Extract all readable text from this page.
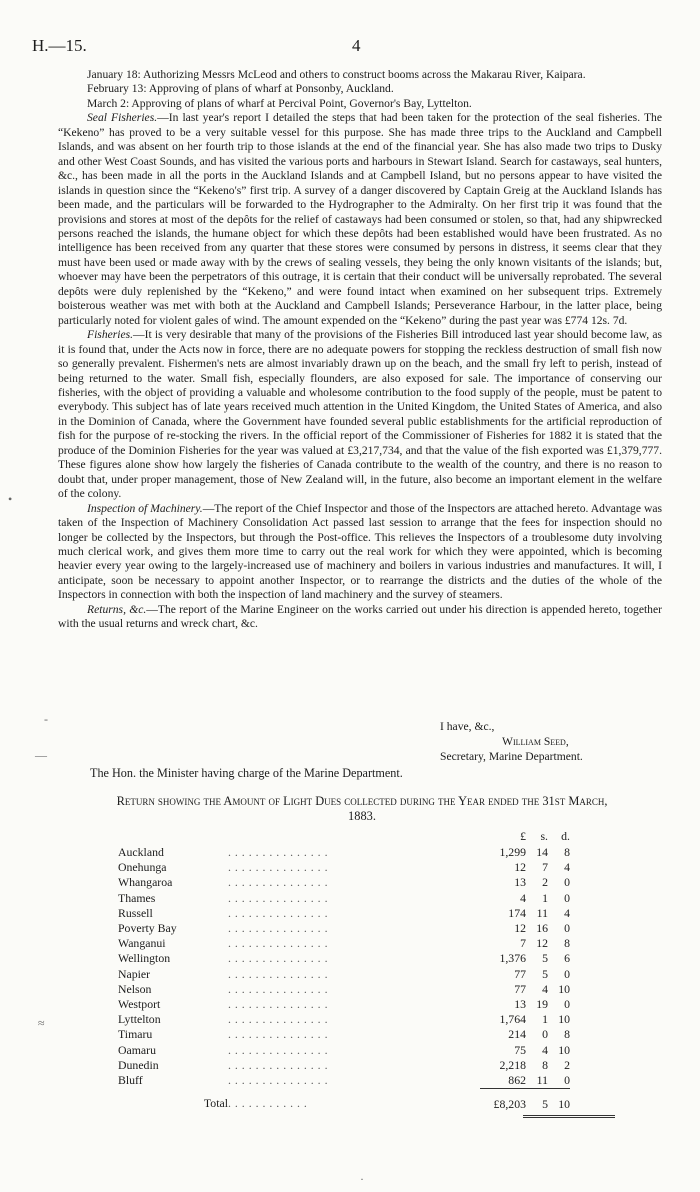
H.—15.	4

January 18: Authorizing Messrs McLeod and others to construct booms across the Makarau River, Kaipara.

February 13: Approving of plans of wharf at Ponsonby, Auckland.

March 2: Approving of plans of wharf at Percival Point, Governor's Bay, Lyttelton.

Seal Fisheries.—In last year's report I detailed the steps that had been taken for the protection of the seal fisheries. The “Kekeno” has proved to be a very suitable vessel for this purpose. She has made three trips to the Auckland and Campbell Islands, and was absent on her fourth trip to those islands at the end of the financial year. She has also made two trips to Dusky and other West Coast Sounds, and has visited the various ports and harbours in Stewart Island. Search for castaways, seal hunters, &c., has been made in all the ports in the Auckland Islands and at Campbell Island, but no persons appear to have visited the islands in question since the “Kekeno's” first trip. A survey of a danger discovered by Captain Greig at the Auckland Islands has been made, and the particulars will be forwarded to the Hydrographer to the Admiralty. On her first trip it was found that the provisions and stores at most of the depôts for the relief of castaways had been consumed or stolen, so that, had any shipwrecked persons reached the islands, the humane object for which these depôts had been established would have been frustrated. As no intelligence has been received from any quarter that these stores were consumed by persons in distress, it seems clear that they must have been used or made away with by the crews of sealing vessels, they being the only known visitants of the islands; but, whoever may have been the perpetrators of this outrage, it is certain that their conduct will be universally reprobated. The several depôts were duly replenished by the “Kekeno,” and were found intact when examined on her subsequent trips. Extremely boisterous weather was met with both at the Auckland and Campbell Islands; Perseverance Harbour, in the latter place, being particularly noted for violent gales of wind. The amount expended on the “Kekeno” during the past year was £774 12s. 7d.

Fisheries.—It is very desirable that many of the provisions of the Fisheries Bill introduced last year should become law, as it is found that, under the Acts now in force, there are no adequate powers for stopping the reckless destruction of small fish now so generally prevalent. Fishermen's nets are almost invariably drawn up on the beach, and the small fry left to perish, instead of being returned to the water. Small fish, especially flounders, are also exposed for sale. The importance of conserving our fisheries, with the object of providing a valuable and wholesome contribution to the food supply of the people, must be patent to everybody. This subject has of late years received much attention in the United Kingdom, the United States of America, and also in the Dominion of Canada, where the Government have founded several public establishments for the artificial reproduction of fish for the purpose of re-stocking the rivers. In the official report of the Commissioner of Fisheries for 1882 it is stated that the produce of the Dominion Fisheries for the year was valued at £3,217,734, and that the value of the fish exported was £1,379,777. These figures alone show how largely the fisheries of Canada contribute to the wealth of the country, and there is no reason to doubt that, under proper management, those of New Zealand will, in the future, also become an important element in the welfare of the colony.

Inspection of Machinery.—The report of the Chief Inspector and those of the Inspectors are attached hereto. Advantage was taken of the Inspection of Machinery Consolidation Act passed last session to arrange that the fees for inspection should no longer be collected by the Inspectors, but through the Post-office. This relieves the Inspectors of a troublesome duty involving much clerical work, and gives them more time to carry out the real work for which they were appointed, which is becoming heavier every year owing to the largely-increased use of machinery and boilers in various industries and manufactures. It will, I anticipate, soon be necessary to appoint another Inspector, or to rearrange the districts and the duties of the whole of the Inspectors in connection with both the inspection of land machinery and the survey of steamers.

Returns, &c.—The report of the Marine Engineer on the works carried out under his direction is appended hereto, together with the usual returns and wreck chart, &c.

I have, &c.,
William Seed,
Secretary, Marine Department.
The Hon. the Minister having charge of the Marine Department.
Return showing the Amount of Light Dues collected during the Year ended the 31st March,
1883.
		£	s.	d.
Auckland	. . . . . . . . . . . . . . .	1,299	14	8
Onehunga	. . . . . . . . . . . . . . .	12	7	4
Whangaroa	. . . . . . . . . . . . . . .	13	2	0
Thames	. . . . . . . . . . . . . . .	4	1	0
Russell	. . . . . . . . . . . . . . .	174	11	4
Poverty Bay	. . . . . . . . . . . . . . .	12	16	0
Wanganui	. . . . . . . . . . . . . . .	7	12	8
Wellington	. . . . . . . . . . . . . . .	1,376	5	6
Napier	. . . . . . . . . . . . . . .	77	5	0
Nelson	. . . . . . . . . . . . . . .	77	4	10
Westport	. . . . . . . . . . . . . . .	13	19	0
Lyttelton	. . . . . . . . . . . . . . .	1,764	1	10
Timaru	. . . . . . . . . . . . . . .	214	0	8
Oamaru	. . . . . . . . . . . . . . .	75	4	10
Dunedin	. . . . . . . . . . . . . . .	2,218	8	2
Bluff	. . . . . . . . . . . . . . .	862	11	0
Total	. . . . . . . . . . . .	£8,203	5	10
•
‐
—
≈
·
